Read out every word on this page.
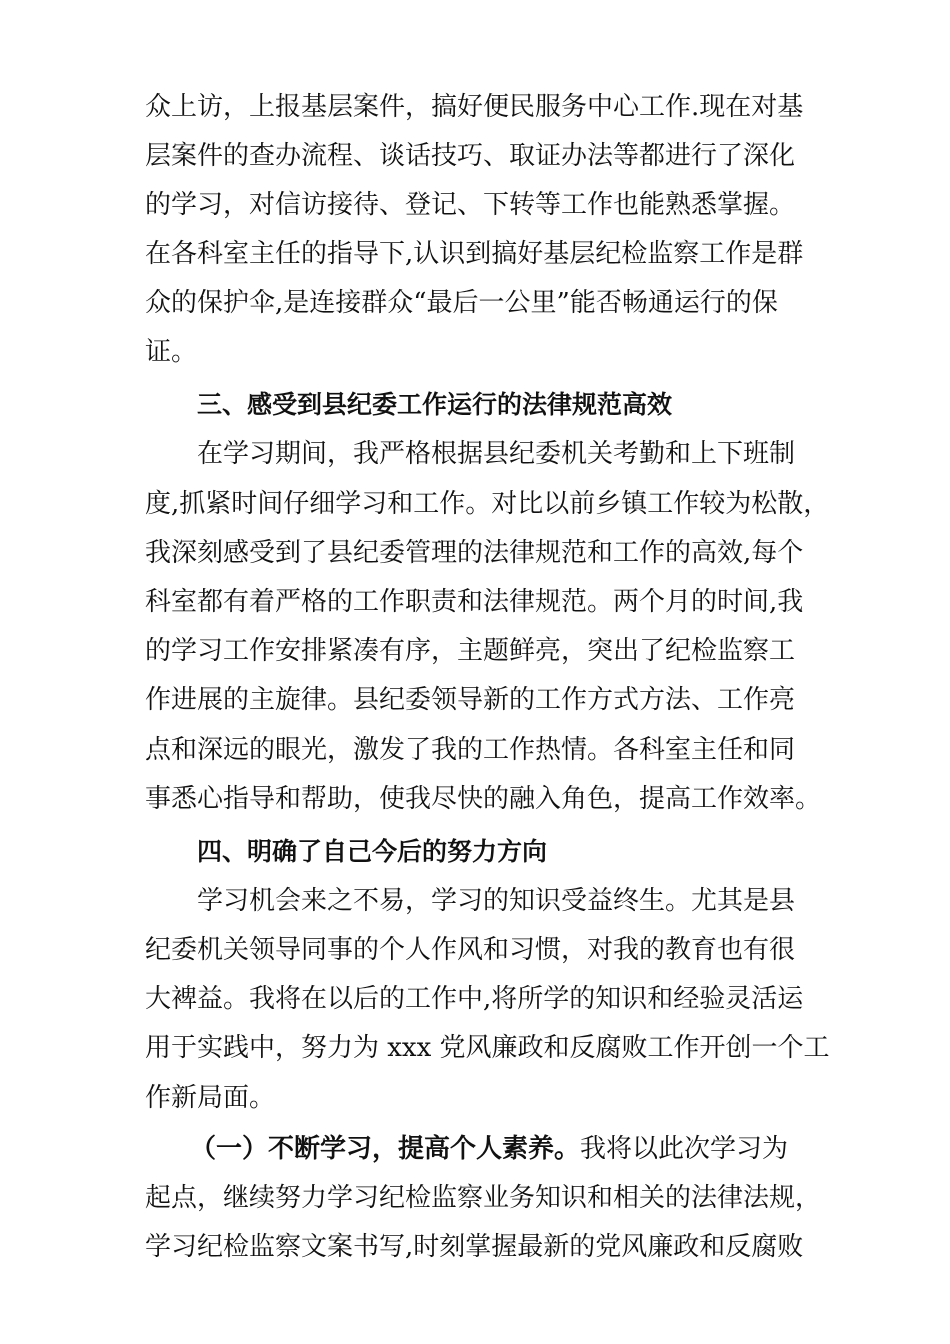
众上访，上报基层案件，搞好便民服务中心工作.现在对基
层案件的查办流程、谈话技巧、取证办法等都进行了深化
的学习，对信访接待、登记、下转等工作也能熟悉掌握。
在各科室主任的指导下,认识到搞好基层纪检监察工作是群
众的保护伞,是连接群众“最后一公里”能否畅通运行的保
证。
三、感受到县纪委工作运行的法律规范高效
在学习期间，我严格根据县纪委机关考勤和上下班制
度,抓紧时间仔细学习和工作。对比以前乡镇工作较为松散，
我深刻感受到了县纪委管理的法律规范和工作的高效,每个
科室都有着严格的工作职责和法律规范。两个月的时间,我
的学习工作安排紧凑有序，主题鲜亮，突出了纪检监察工
作进展的主旋律。县纪委领导新的工作方式方法、工作亮
点和深远的眼光，激发了我的工作热情。各科室主任和同
事悉心指导和帮助，使我尽快的融入角色，提高工作效率。
四、明确了自己今后的努力方向
学习机会来之不易，学习的知识受益终生。尤其是县
纪委机关领导同事的个人作风和习惯，对我的教育也有很
大裨益。我将在以后的工作中,将所学的知识和经验灵活运
用于实践中，努力为 xxx 党风廉政和反腐败工作开创一个工
作新局面。
（一）不断学习，提高个人素养。我将以此次学习为
起点，继续努力学习纪检监察业务知识和相关的法律法规，
学习纪检监察文案书写,时刻掌握最新的党风廉政和反腐败
